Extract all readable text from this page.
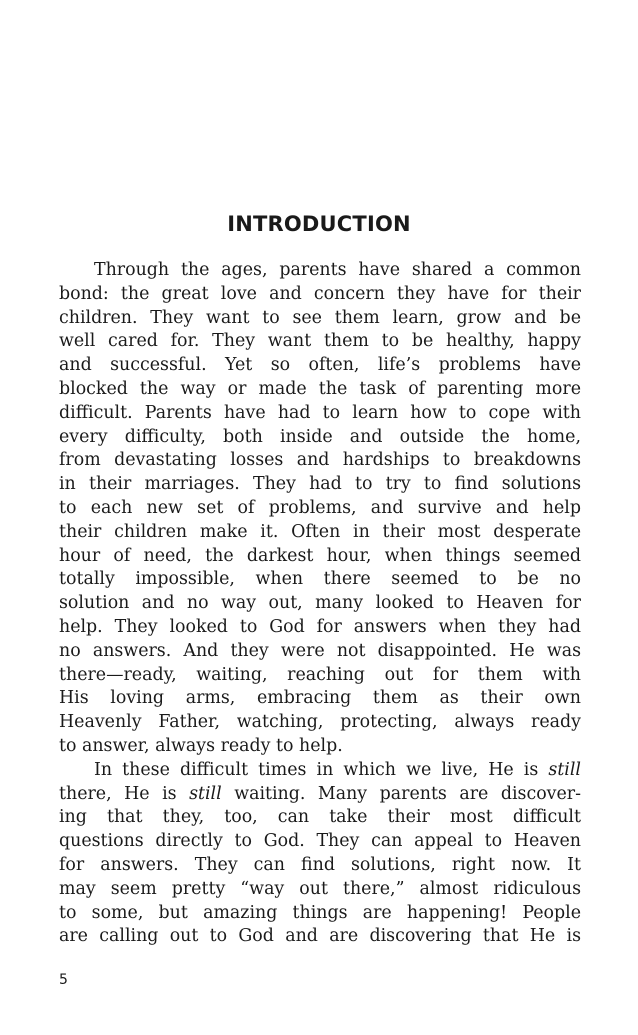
INTRODUCTION
Through the ages, parents have shared a common
bond: the great love and concern they have for their
children. They want to see them learn, grow and be
well cared for. They want them to be healthy, happy
and successful. Yet so often, life’s problems have
blocked the way or made the task of parenting more
difficult. Parents have had to learn how to cope with
every difficulty, both inside and outside the home,
from devastating losses and hardships to breakdowns
in their marriages. They had to try to find solutions
to each new set of problems, and survive and help
their children make it. Often in their most desperate
hour of need, the darkest hour, when things seemed
totally impossible, when there seemed to be no
solution and no way out, many looked to Heaven for
help. They looked to God for answers when they had
no answers. And they were not disappointed. He was
there—ready, waiting, reaching out for them with
His loving arms, embracing them as their own
Heavenly Father, watching, protecting, always ready
to answer, always ready to help.
In these difficult times in which we live, He is still
there, He is still waiting. Many parents are discover-
ing that they, too, can take their most difficult
questions directly to God. They can appeal to Heaven
for answers. They can find solutions, right now. It
may seem pretty “way out there,” almost ridiculous
to some, but amazing things are happening! People
are calling out to God and are discovering that He is
5
